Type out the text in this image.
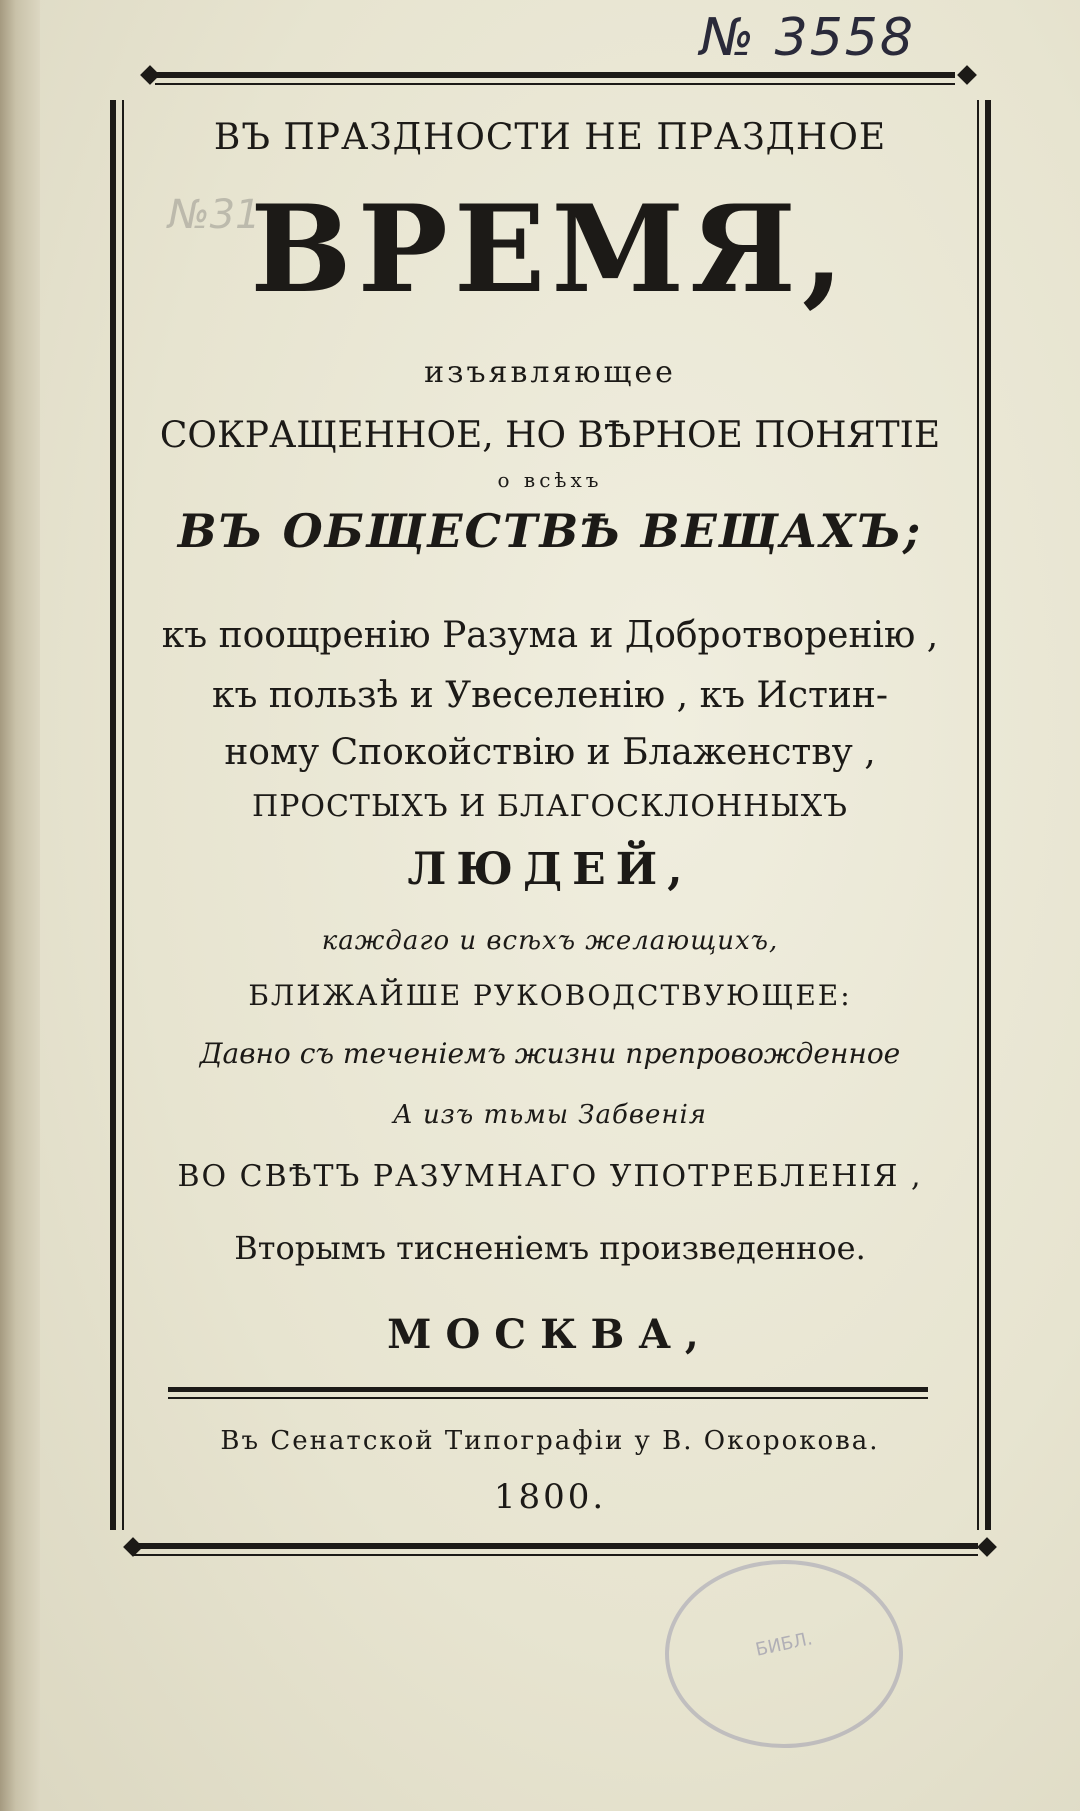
№ 3558
№31
ВЪ ПРАЗДНОСТИ НЕ ПРАЗДНОЕ
ВРЕМЯ,
изъявляющее
СОКРАЩЕННОЕ, НО ВѢРНОЕ ПОНЯТІЕ
о всѣхъ
ВЪ ОБЩЕСТВѢ ВЕЩАХЪ;
къ поощренію Разума и Добротворенію ,
къ пользѣ и Увеселенію , къ Истин-
ному Спокойствію и Блаженству ,
ПРОСТЫХЪ И БЛАГОСКЛОННЫХЪ
ЛЮДЕЙ,
каждаго и всѣхъ желающихъ,
БЛИЖАЙШЕ РУКОВОДСТВУЮЩЕЕ:
Давно съ теченіемъ жизни препровожденное
А изъ тьмы Забвенія
ВО СВѢТЪ РАЗУМНАГО УПОТРЕБЛЕНІЯ ,
Вторымъ тисненіемъ произведенное.
МОСКВА,
Въ Сенатской Типографіи у В. Окорокова.
1800.
БИБЛ.
